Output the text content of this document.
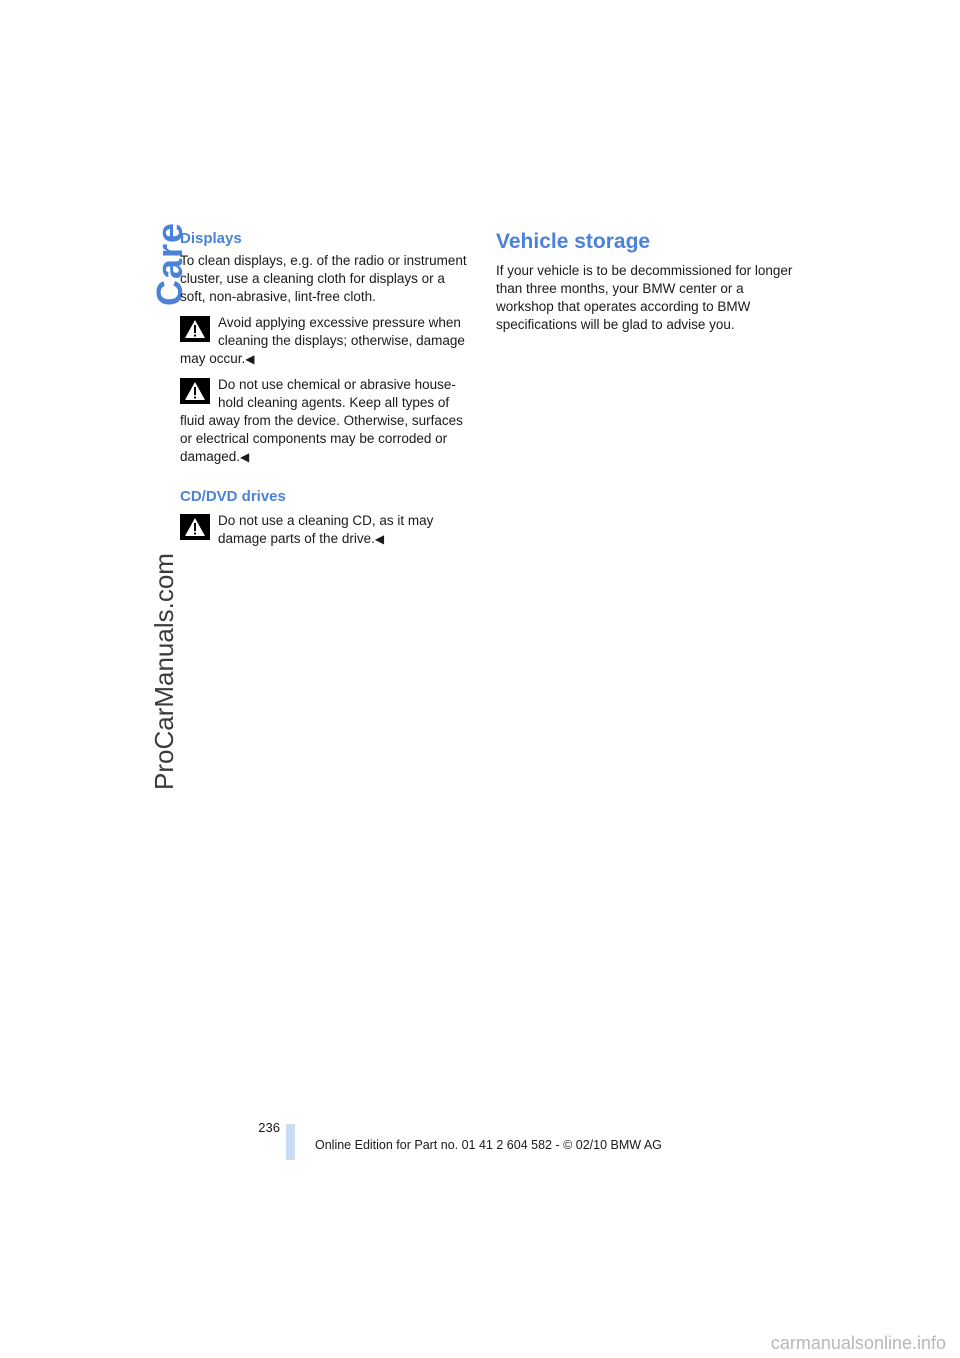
Care
ProCarManuals.com
Displays

To clean displays, e.g. of the radio or instrument cluster, use a cleaning cloth for displays or a soft, non-abrasive, lint-free cloth.

Avoid applying excessive pressure when cleaning the displays; otherwise, damage may occur.◀

Do not use chemical or abrasive house-hold cleaning agents. Keep all types of fluid away from the device. Otherwise, surfaces or electrical components may be corroded or damaged.◀

CD/DVD drives

Do not use a cleaning CD, as it may damage parts of the drive.◀

Vehicle storage

If your vehicle is to be decommissioned for longer than three months, your BMW center or a workshop that operates according to BMW specifications will be glad to advise you.

236
Online Edition for Part no. 01 41 2 604 582 - © 02/10 BMW AG
carmanualsonline.info
